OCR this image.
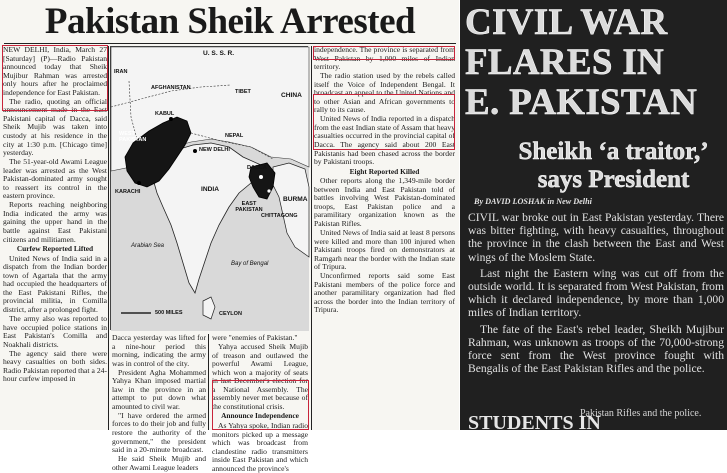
Pakistan Sheik Arrested

NEW DELHI, India, March 27 [Saturday] (P)—Radio Pakistan announced today that Sheik Mujibur Rahman was arrested only hours after he proclaimed independence for East Pakistan.

The radio, quoting an official announcement made in the East Pakistani capital of Dacca, said Sheik Mujib was taken into custody at his residence in the city at 1:30 p.m. [Chicago time] yesterday.

The 51-year-old Awami League leader was arrested as the West Pakistan-dominated army sought to reassert its control in the eastern province.

Reports reaching neighboring India indicated the army was gaining the upper hand in the battle against East Pakistani citizens and militiamen.

Curfew Reported Lifted

United News of India said in a dispatch from the Indian border town of Agartala that the army had occupied the headquarters of the East Pakistani Rifles, the provincial militia, in Comilla district, after a prolonged fight.

The army also was reported to have occupied police stations in East Pakistan's Comilla and Noakhali districts.

The agency said there were heavy casualties on both sides. Radio Pakistan reported that a 24-hour curfew imposed in

U. S. S. R.
IRAN
AFGHANISTAN
KABUL
TIBET	CHINA
NEPAL
WEST PAKISTAN
KARACHI
NEW DELHI
INDIA
DACCA
EAST PAKISTAN
CHITTAGONG
BURMA
Arabian Sea
Bay of Bengal
CEYLON
500 MILES

Dacca yesterday was lifted for a nine-hour period this morning, indicating the army was in control of the city.

President Agha Mohammed Yahya Khan imposed martial law in the province in an attempt to put down what amounted to civil war.

"I have ordered the armed forces to do their job and fully restore the authority of the government," the president said in a 20-minute broadcast.

He said Sheik Mujib and other Awami League leaders

were "enemies of Pakistan."

Yahya accused Sheik Mujib of treason and outlawed the powerful Awami League, which won a majority of seats in last December's election for a National Assembly. The assembly never met because of the constitutional crisis.

Announce Independence

As Yahya spoke, Indian radio monitors picked up a message which was broadcast from clandestine radio transmitters inside East Pakistan and which announced the province's

independence. The province is separated from West Pakistan by 1,000 miles of Indian territory.

The radio station used by the rebels called itself the Voice of Independent Bengal. It broadcast an appeal to the United Nations and to other Asian and African governments to rally to its cause.

United News of India reported in a dispatch from the east Indian state of Assam that heavy casualties occurred in the provincial capital of Dacca. The agency said about 200 East Pakistanis had been chased across the border by Pakistani troops.

Eight Reported Killed

Other reports along the 1,349-mile border between India and East Pakistan told of battles involving West Pakistan-dominated troops, East Pakistan police and a paramilitary organization known as the Pakistan Rifles.

United News of India said at least 8 persons were killed and more than 100 injured when Pakistani troops fired on demonstrators at Ramgarh near the border with the Indian state of Tripura.

Unconfirmed reports said some East Pakistani members of the police force and another paramilitary organization had fled across the border into the Indian territory of Tripura.

CIVIL WAR
FLARES IN
E. PAKISTAN
Sheikh ‘a traitor,’
says President
By DAVID LOSHAK in New Delhi

CIVIL war broke out in East Pakistan yesterday. There was bitter fighting, with heavy casualties, throughout the province in the clash between the East and West wings of the Moslem State.

Last night the Eastern wing was cut off from the outside world. It is separated from West Pakistan, from which it declared independence, by more than 1,000 miles of Indian territory.

The fate of the East's rebel leader, Sheikh Mujibur Rahman, was unknown as troops of the 70,000-strong force sent from the West province fought with Bengalis of the East Pakistan Rifles and the police.

STUDENTS IN
Pakistan Rifles and the police.
